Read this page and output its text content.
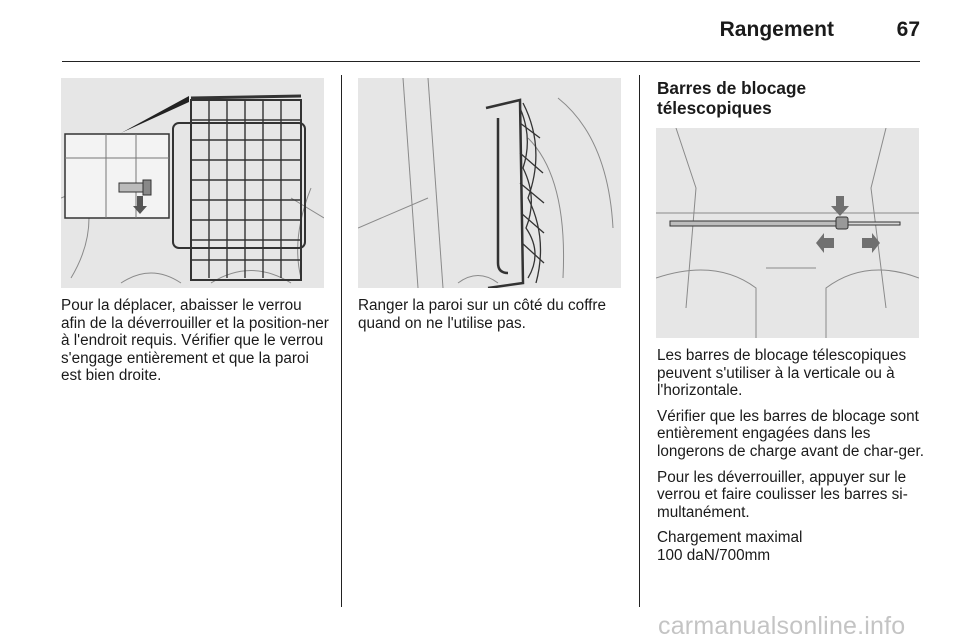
Rangement	67

Pour la déplacer, abaisser le verrou afin de la déverrouiller et la position-ner à l'endroit requis. Vérifier que le verrou s'engage entièrement et que la paroi est bien droite.

Ranger la paroi sur un côté du coffre quand on ne l'utilise pas.

Barres de blocage télescopiques

Les barres de blocage télescopiques peuvent s'utiliser à la verticale ou à l'horizontale.

Vérifier que les barres de blocage sont entièrement engagées dans les longerons de charge avant de char-ger.

Pour les déverrouiller, appuyer sur le verrou et faire coulisser les barres si-multanément.

Chargement maximal 100 daN/700mm

carmanualsonline.info
